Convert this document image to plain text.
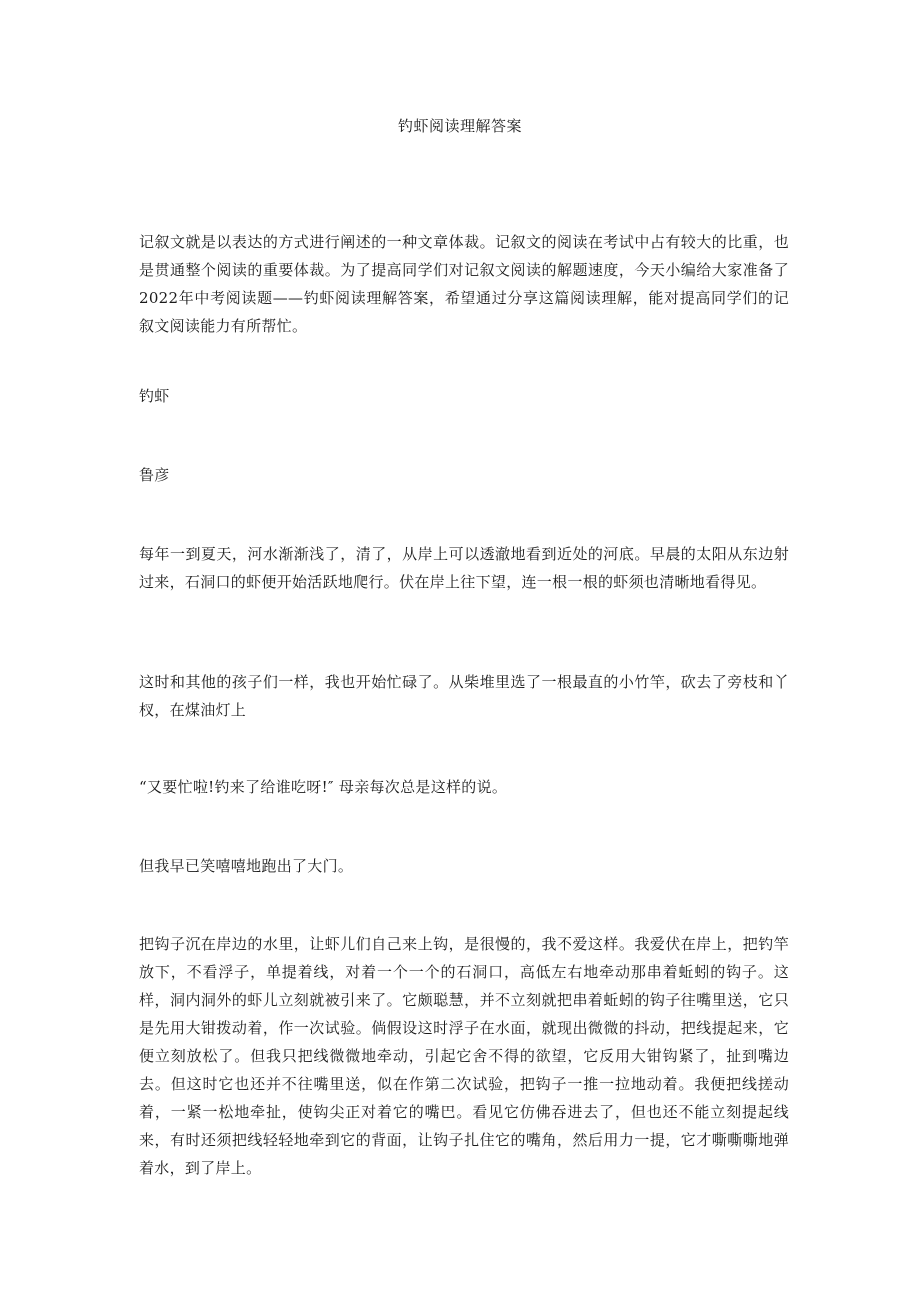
钓虾阅读理解答案

记叙文就是以表达的方式进行阐述的一种文章体裁。记叙文的阅读在考试中占有较大的比重，也是贯通整个阅读的重要体裁。为了提高同学们对记叙文阅读的解题速度，今天小编给大家准备了2022年中考阅读题——钓虾阅读理解答案，希望通过分享这篇阅读理解，能对提高同学们的记叙文阅读能力有所帮忙。

钓虾

鲁彦

每年一到夏天，河水渐渐浅了，清了，从岸上可以透澈地看到近处的河底。早晨的太阳从东边射过来，石洞口的虾便开始活跃地爬行。伏在岸上往下望，连一根一根的虾须也清晰地看得见。

这时和其他的孩子们一样，我也开始忙碌了。从柴堆里选了一根最直的小竹竿，砍去了旁枝和丫杈，在煤油灯上

“又要忙啦!钓来了给谁吃呀!″ 母亲每次总是这样的说。

但我早已笑嘻嘻地跑出了大门。

把钩子沉在岸边的水里，让虾儿们自己来上钩，是很慢的，我不爱这样。我爱伏在岸上，把钓竿放下，不看浮子，单提着线，对着一个一个的石洞口，高低左右地牵动那串着蚯蚓的钩子。这样，洞内洞外的虾儿立刻就被引来了。它颇聪慧，并不立刻就把串着蚯蚓的钩子往嘴里送，它只是先用大钳拨动着，作一次试验。倘假设这时浮子在水面，就现出微微的抖动，把线提起来，它便立刻放松了。但我只把线微微地牵动，引起它舍不得的欲望，它反用大钳钩紧了，扯到嘴边去。但这时它也还并不往嘴里送，似在作第二次试验，把钩子一推一拉地动着。我便把线搓动着，一紧一松地牵扯，使钩尖正对着它的嘴巴。看见它仿佛吞进去了，但也还不能立刻提起线来，有时还须把线轻轻地牵到它的背面，让钩子扎住它的嘴角，然后用力一提，它才嘶嘶嘶地弹着水，到了岸上。
